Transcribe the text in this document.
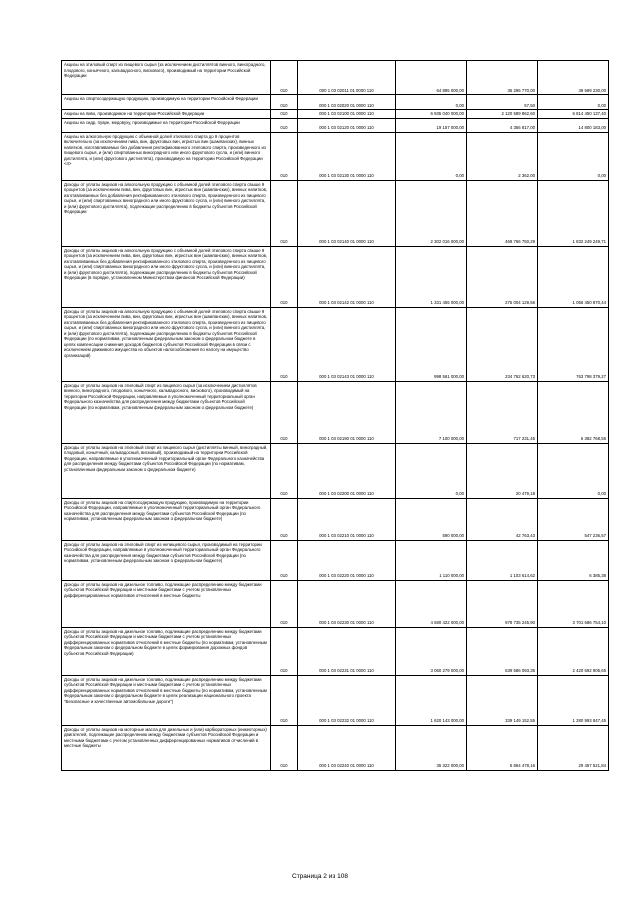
Акцизы на этиловый спирт из пищевого сырья (за исключением дистиллятов винного, виноградного, плодового, коньячного, кальвадосного, вискового), производимый на территории Российской Федерации	010	000 1 03 02011 01 0000 110	64 895 000,00	35 295 770,00	49 599 230,00
Акцизы на спиртосодержащую продукцию, производимую на территории Российской Федерации	010	000 1 03 02020 01 0000 110	0,00	57,50	0,00
Акцизы на пиво, производимое на территории Российской Федерации	010	000 1 03 02100 01 0000 110	6 935 040 000,00	2 120 589 862,60	6 814 450 137,40
Акцизы на сидр, пуаре, медовуху, производимые на территории Российской Федерации	010	000 1 03 02120 01 0000 110	19 157 000,00	4 356 817,00	14 800 183,00
Акцизы на алкогольную продукцию с объемной долей этилового спирта до 9 процентов включительно (за исключением пива, вин, фруктовых вин, игристых вин (шампанских), винных напитков, изготавливаемых без добавления ректификованного этилового спирта, произведенного из пищевого сырья, и (или) спиртованных виноградного или иного фруктового сусла, и (или) винного дистиллята, и (или) фруктового дистиллята), производимую на территории Российской Федерации <4>	010	000 1 03 02130 01 0000 110	0,00	2 362,00	0,00
Доходы от уплаты акцизов на алкогольную продукцию с объемной долей этилового спирта свыше 9 процентов (за исключением пива, вин, фруктовых вин, игристых вин (шампанских), винных напитков, изготавливаемых без добавления ректификованного этилового спирта, произведенного из пищевого сырья, и (или) спиртованных виноградного или иного фруктового сусла, и (или) винного дистиллята, и (или) фруктового дистиллята), подлежащие распределению в бюджеты субъектов Российской Федерации	010	000 1 03 02140 01 0000 110	2 302 016 000,00	469 766 750,29	1 832 249 249,71
Доходы от уплаты акцизов на алкогольную продукцию с объемной долей этилового спирта свыше 9 процентов (за исключением пива, вин, фруктовых вин, игристых вин (шампанских), винных напитков, изготавливаемых без добавления ректификованного этилового спирта, произведенного из пищевого сырья, и (или) спиртованных виноградного или иного фруктового сусла, и (или) винного дистиллята, и (или) фруктового дистиллята), подлежащие распределению в бюджеты субъектов Российской Федерации (в порядке, установленном Министерством финансов Российской Федерации)	010	000 1 03 02142 01 0000 110	1 331 455 000,00	275 004 129,56	1 056 450 870,44
Доходы от уплаты акцизов на алкогольную продукцию с объемной долей этилового спирта свыше 9 процентов (за исключением пива, вин, фруктовых вин, игристых вин (шампанских), винных напитков, изготавливаемых без добавления ректификованного этилового спирта, произведенного из пищевого сырья, и (или) спиртованных виноградного или иного фруктового сусла, и (или) винного дистиллята, и (или) фруктового дистиллята), подлежащие распределению в бюджеты субъектов Российской Федерации (по нормативам, установленным федеральным законом о федеральном бюджете в целях компенсации снижения доходов бюджетов субъектов Российской Федерации в связи с исключением движимого имущества из объектов налогообложения по налогу на имущество организаций)	010	000 1 03 02143 01 0000 110	998 561 000,00	234 762 620,73	763 798 379,27
Доходы от уплаты акцизов на этиловый спирт из пищевого сырья (за исключением дистиллятов винного, виноградного, плодового, коньячного, кальвадосного, вискового), производимый на территории Российской Федерации, направляемые в уполномоченный территориальный орган Федерального казначейства для распределения между бюджетами субъектов Российской Федерации (по нормативам, установленным федеральным законом о федеральном бюджете)	010	000 1 03 02190 01 0000 110	7 100 000,00	717 231,45	6 382 768,55
Доходы от уплаты акцизов на этиловый спирт из пищевого сырья (дистилляты винный, виноградный, плодовый, коньячный, кальвадосный, висковый), производимый на территории Российской Федерации, направляемые в уполномоченный территориальный орган Федерального казначейства для распределения между бюджетами субъектов Российской Федерации (по нормативам, установленным федеральным законом о федеральном бюджете)	010	000 1 03 02200 01 0000 110	0,00	20 479,18	0,00
Доходы от уплаты акцизов на спиртосодержащую продукцию, производимую на территории Российской Федерации, направляемые в уполномоченный территориальный орган Федерального казначейства для распределения между бюджетами субъектов Российской Федерации (по нормативам, установленным федеральным законом о федеральном бюджете)	010	000 1 03 02210 01 0000 110	590 000,00	42 763,43	547 236,57
Доходы от уплаты акцизов на этиловый спирт из непищевого сырья, производимый на территории Российской Федерации, направляемые в уполномоченный территориальный орган Федерального казначейства для распределения между бюджетами субъектов Российской Федерации (по нормативам, установленным федеральным законом о федеральном бюджете)	010	000 1 03 02220 01 0000 110	1 110 000,00	1 103 614,62	6 385,38
Доходы от уплаты акцизов на дизельное топливо, подлежащие распределению между бюджетами субъектов Российской Федерации и местными бюджетами с учетом установленных дифференцированных нормативов отчислений в местные бюджеты	010	000 1 03 02230 01 0000 110	4 680 422 000,00	978 735 245,90	3 701 686 754,10
Доходы от уплаты акцизов на дизельное топливо, подлежащие распределению между бюджетами субъектов Российской Федерации и местными бюджетами с учетом установленных дифференцированных нормативов отчислений в местные бюджеты (по нормативам, установленным Федеральным законом о федеральном бюджете в целях формирования дорожных фондов субъектов Российской Федерации)	010	000 1 03 02231 01 0000 110	3 060 279 000,00	639 586 093,35	2 420 692 906,65
Доходы от уплаты акцизов на дизельное топливо, подлежащие распределению между бюджетами субъектов Российской Федерации и местными бюджетами с учетом установленных дифференцированных нормативов отчислений в местные бюджеты (по нормативам, установленным Федеральным законом о федеральном бюджете в целях реализации национального проекта "Безопасные и качественные автомобильные дороги")	010	000 1 03 02232 01 0000 110	1 620 143 000,00	339 149 152,55	1 280 993 847,45
Доходы от уплаты акцизов на моторные масла для дизельных и (или) карбюраторных (инжекторных) двигателей, подлежащие распределению между бюджетами субъектов Российской Федерации и местными бюджетами с учетом установленных дифференцированных нормативов отчислений в местные бюджеты	010	000 1 03 02240 01 0000 110	35 322 000,00	5 864 478,16	29 457 521,84
Страница 2 из 108
